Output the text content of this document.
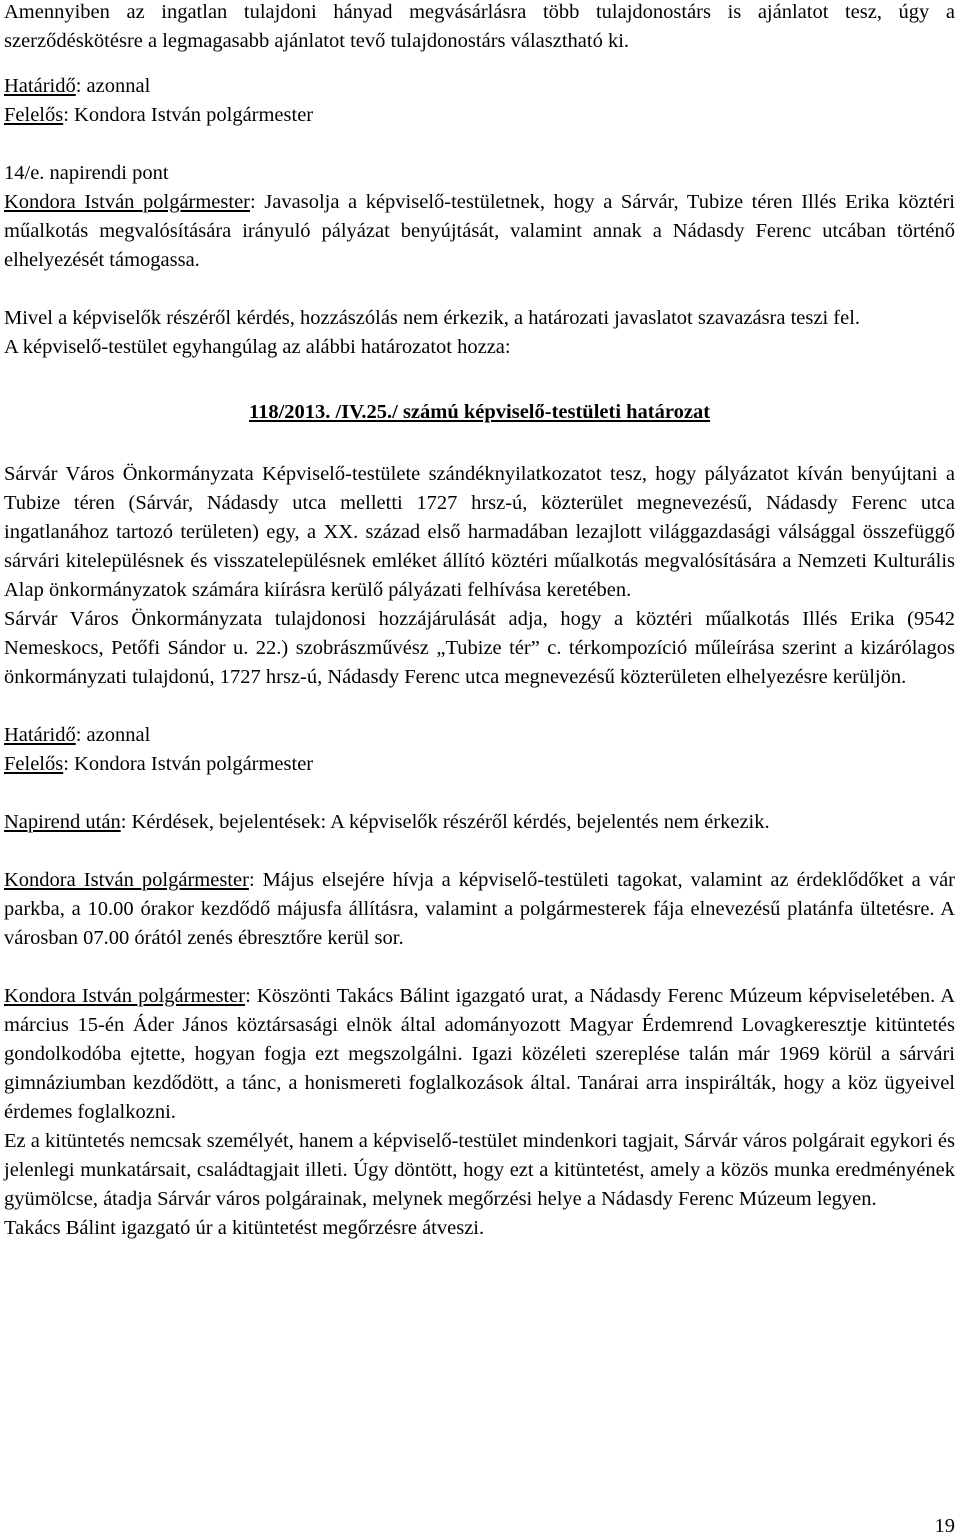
Amennyiben az ingatlan tulajdoni hányad megvásárlásra több tulajdonostárs is ajánlatot tesz, úgy a szerződéskötésre a legmagasabb ajánlatot tevő tulajdonostárs választható ki.

Határidő: azonnal

Felelős: Kondora István polgármester

14/e. napirendi pont

Kondora István polgármester: Javasolja a képviselő-testületnek, hogy a Sárvár, Tubize téren Illés Erika köztéri műalkotás megvalósítására irányuló pályázat benyújtását, valamint annak a Nádasdy Ferenc utcában történő elhelyezését támogassa.

Mivel a képviselők részéről kérdés, hozzászólás nem érkezik, a határozati javaslatot szavazásra teszi fel.

A képviselő-testület egyhangúlag az alábbi határozatot hozza:

118/2013. /IV.25./ számú képviselő-testületi határozat

Sárvár Város Önkormányzata Képviselő-testülete szándéknyilatkozatot tesz, hogy pályázatot kíván benyújtani a Tubize téren (Sárvár, Nádasdy utca melletti 1727 hrsz-ú, közterület megnevezésű, Nádasdy Ferenc utca ingatlanához tartozó területen) egy, a XX. század első harmadában lezajlott világgazdasági válsággal összefüggő sárvári kitelepülésnek és visszatelepülésnek emléket állító köztéri műalkotás megvalósítására a Nemzeti Kulturális Alap önkormányzatok számára kiírásra kerülő pályázati felhívása keretében.

Sárvár Város Önkormányzata tulajdonosi hozzájárulását adja, hogy a köztéri műalkotás Illés Erika (9542 Nemeskocs, Petőfi Sándor u. 22.) szobrászművész „Tubize tér” c. térkompozíció műleírása szerint a kizárólagos önkormányzati tulajdonú, 1727 hrsz-ú, Nádasdy Ferenc utca megnevezésű közterületen elhelyezésre kerüljön.

Határidő: azonnal

Felelős: Kondora István polgármester

Napirend után: Kérdések, bejelentések: A képviselők részéről kérdés, bejelentés nem érkezik.

Kondora István polgármester: Május elsejére hívja a képviselő-testületi tagokat, valamint az érdeklődőket a vár parkba, a 10.00 órakor kezdődő májusfa állításra, valamint a polgármesterek fája elnevezésű platánfa ültetésre. A városban 07.00 órától zenés ébresztőre kerül sor.

Kondora István polgármester: Köszönti Takács Bálint igazgató urat, a Nádasdy Ferenc Múzeum képviseletében. A március 15-én Áder János köztársasági elnök által adományozott Magyar Érdemrend Lovagkeresztje kitüntetés gondolkodóba ejtette, hogyan fogja ezt megszolgálni. Igazi közéleti szereplése talán már 1969 körül a sárvári gimnáziumban kezdődött, a tánc, a honismereti foglalkozások által. Tanárai arra inspirálták, hogy a köz ügyeivel érdemes foglalkozni.

Ez a kitüntetés nemcsak személyét, hanem a képviselő-testület mindenkori tagjait, Sárvár város polgárait egykori és jelenlegi munkatársait, családtagjait illeti. Úgy döntött, hogy ezt a kitüntetést, amely a közös munka eredményének gyümölcse, átadja Sárvár város polgárainak, melynek megőrzési helye a Nádasdy Ferenc Múzeum legyen.

Takács Bálint igazgató úr a kitüntetést megőrzésre átveszi.

19
